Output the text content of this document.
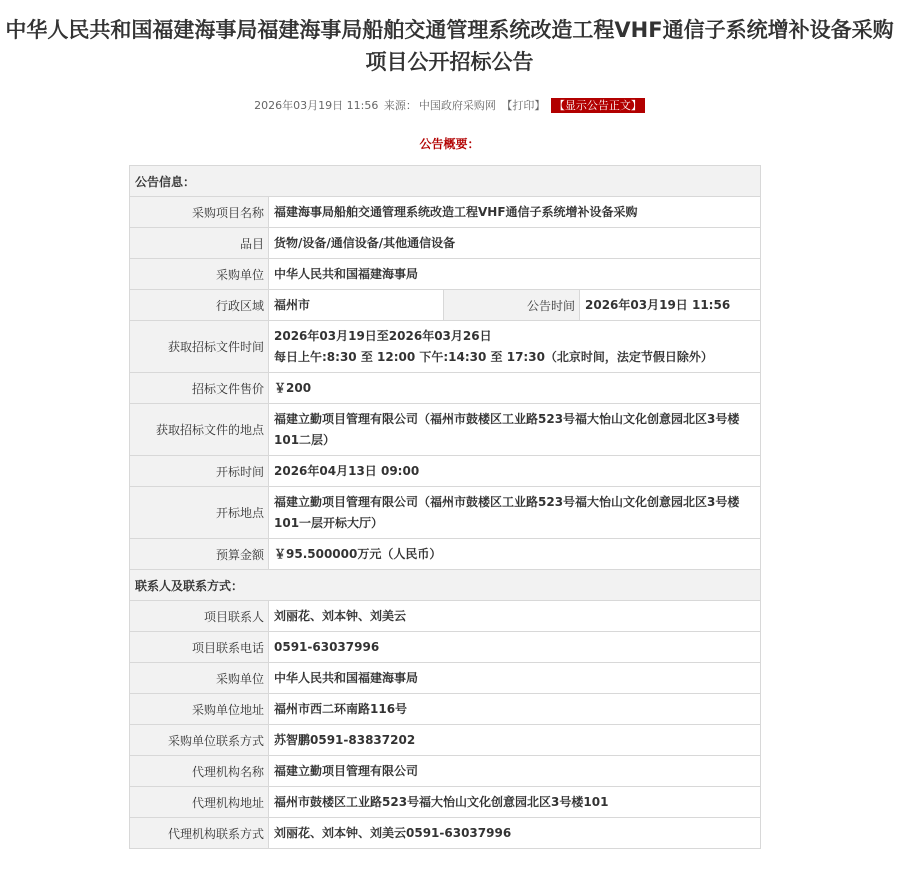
中华人民共和国福建海事局福建海事局船舶交通管理系统改造工程VHF通信子系统增补设备采购项目公开招标公告
2026年03月19日 11:56 来源： 中国政府采购网 【打印】 【显示公告正文】
公告概要：
公告信息：			
采购项目名称	福建海事局船舶交通管理系统改造工程VHF通信子系统增补设备采购		
品目	货物/设备/通信设备/其他通信设备		
采购单位	中华人民共和国福建海事局		
行政区域	福州市	公告时间	2026年03月19日 11:56
获取招标文件时间	2026年03月19日至2026年03月26日
每日上午:8:30 至 12:00 下午:14:30 至 17:30（北京时间，法定节假日除外）		

招标文件售价	￥200		
获取招标文件的地点	福建立勤项目管理有限公司（福州市鼓楼区工业路523号福大怡山文化创意园北区3号楼101二层）		
开标时间	2026年04月13日 09:00		
开标地点	福建立勤项目管理有限公司（福州市鼓楼区工业路523号福大怡山文化创意园北区3号楼101一层开标大厅）		
预算金额	￥95.500000万元（人民币）		
联系人及联系方式：			
项目联系人	刘丽花、刘本钟、刘美云		
项目联系电话	0591-63037996		
采购单位	中华人民共和国福建海事局		
采购单位地址	福州市西二环南路116号		
采购单位联系方式	苏智鹏0591-83837202		
代理机构名称	福建立勤项目管理有限公司		
代理机构地址	福州市鼓楼区工业路523号福大怡山文化创意园北区3号楼101		
代理机构联系方式	刘丽花、刘本钟、刘美云0591-63037996		
